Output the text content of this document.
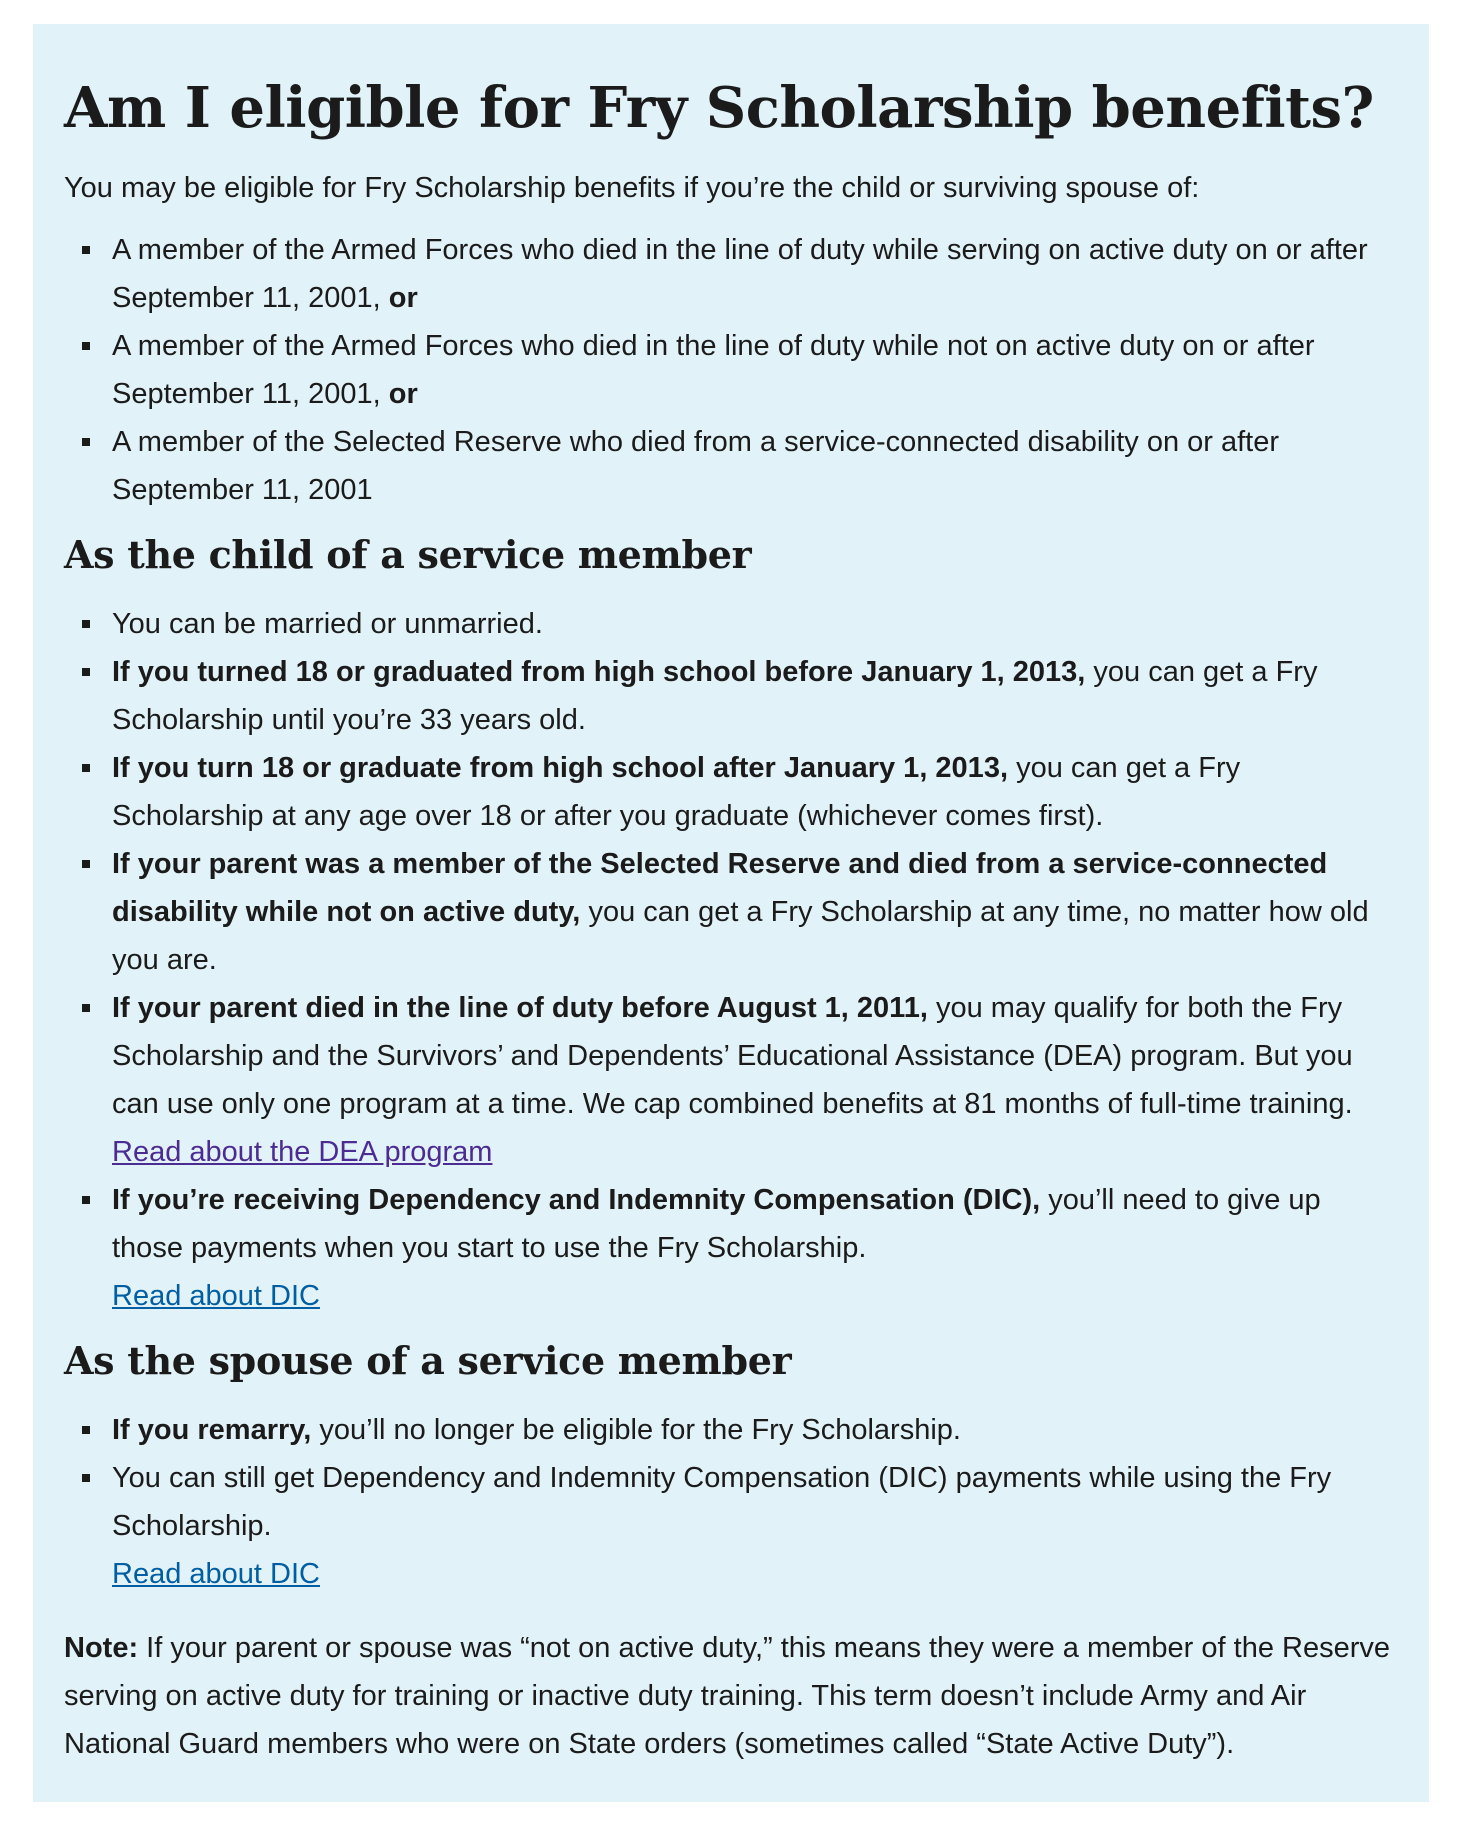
Am I eligible for Fry Scholarship benefits?

You may be eligible for Fry Scholarship benefits if you’re the child or surviving spouse of:

A member of the Armed Forces who died in the line of duty while serving on active duty on or after September 11, 2001, or
A member of the Armed Forces who died in the line of duty while not on active duty on or after September 11, 2001, or
A member of the Selected Reserve who died from a service-connected disability on or after September 11, 2001
As the child of a service member
You can be married or unmarried.
If you turned 18 or graduated from high school before January 1, 2013, you can get a Fry Scholarship until you’re 33 years old.
If you turn 18 or graduate from high school after January 1, 2013, you can get a Fry Scholarship at any age over 18 or after you graduate (whichever comes first).
If your parent was a member of the Selected Reserve and died from a service-connected disability while not on active duty, you can get a Fry Scholarship at any time, no matter how old you are.
If your parent died in the line of duty before August 1, 2011, you may qualify for both the Fry Scholarship and the Survivors’ and Dependents’ Educational Assistance (DEA) program. But you can use only one program at a time. We cap combined benefits at 81 months of full-time training.
Read about the DEA program
If you’re receiving Dependency and Indemnity Compensation (DIC), you’ll need to give up those payments when you start to use the Fry Scholarship.
Read about DIC
As the spouse of a service member
If you remarry, you’ll no longer be eligible for the Fry Scholarship.
You can still get Dependency and Indemnity Compensation (DIC) payments while using the Fry Scholarship.
Read about DIC

Note: If your parent or spouse was “not on active duty,” this means they were a member of the Reserve serving on active duty for training or inactive duty training. This term doesn’t include Army and Air National Guard members who were on State orders (sometimes called “State Active Duty”).
